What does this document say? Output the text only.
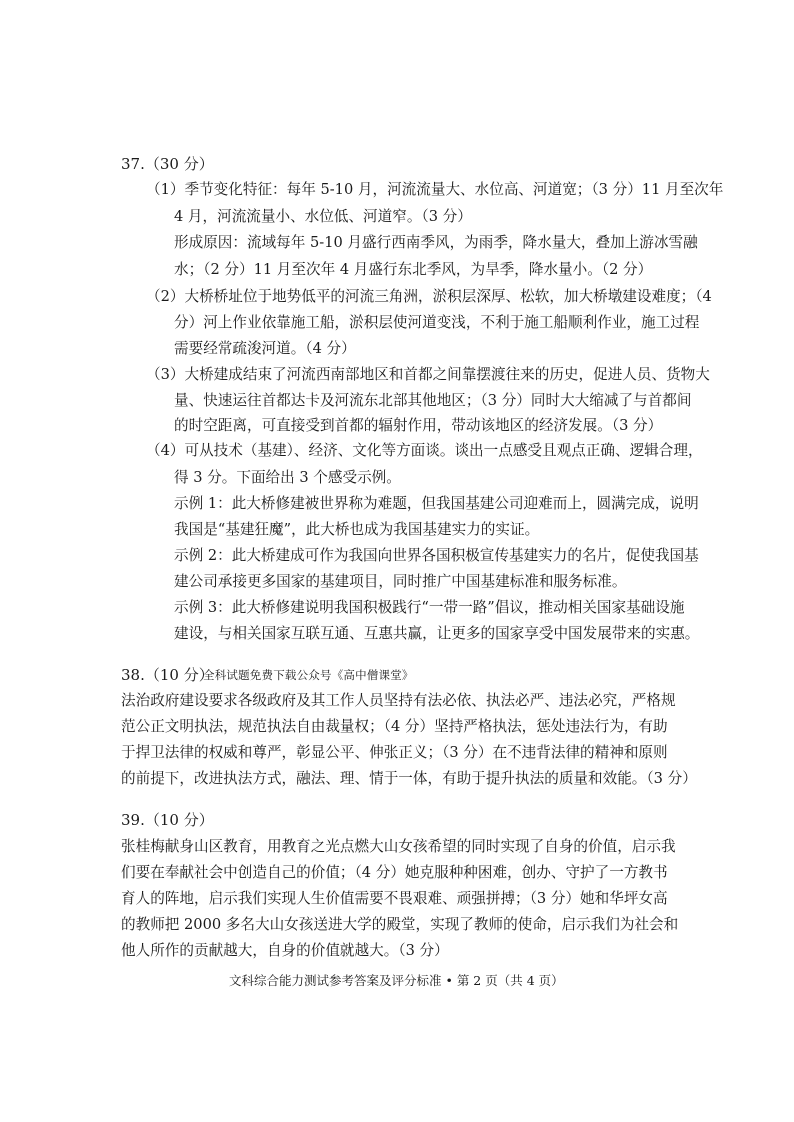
37.（30 分）
（1）季节变化特征：每年 5-10 月，河流流量大、水位高、河道宽；（3 分）11 月至次年
4 月，河流流量小、水位低、河道窄。（3 分）
形成原因：流域每年 5-10 月盛行西南季风，为雨季，降水量大，叠加上游冰雪融
水；（2 分）11 月至次年 4 月盛行东北季风，为旱季，降水量小。（2 分）
（2）大桥桥址位于地势低平的河流三角洲，淤积层深厚、松软，加大桥墩建设难度；（4
分）河上作业依靠施工船，淤积层使河道变浅，不利于施工船顺利作业，施工过程
需要经常疏浚河道。（4 分）
（3）大桥建成结束了河流西南部地区和首都之间靠摆渡往来的历史，促进人员、货物大
量、快速运往首都达卡及河流东北部其他地区；（3 分）同时大大缩减了与首都间
的时空距离，可直接受到首都的辐射作用，带动该地区的经济发展。（3 分）
（4）可从技术（基建）、经济、文化等方面谈。谈出一点感受且观点正确、逻辑合理，
得 3 分。下面给出 3 个感受示例。
示例 1：此大桥修建被世界称为难题，但我国基建公司迎难而上，圆满完成，说明
我国是“基建狂魔”，此大桥也成为我国基建实力的实证。
示例 2：此大桥建成可作为我国向世界各国积极宣传基建实力的名片，促使我国基
建公司承接更多国家的基建项目，同时推广中国基建标准和服务标准。
示例 3：此大桥修建说明我国积极践行“一带一路”倡议，推动相关国家基础设施
建设，与相关国家互联互通、互惠共赢，让更多的国家享受中国发展带来的实惠。
38.（10 分）
全科试题免费下载公众号《高中僧课堂》
法治政府建设要求各级政府及其工作人员坚持有法必依、执法必严、违法必究，严格规
范公正文明执法，规范执法自由裁量权；（4 分）坚持严格执法，惩处违法行为，有助
于捍卫法律的权威和尊严，彰显公平、伸张正义；（3 分）在不违背法律的精神和原则
的前提下，改进执法方式，融法、理、情于一体，有助于提升执法的质量和效能。（3 分）
39.（10 分）
张桂梅献身山区教育，用教育之光点燃大山女孩希望的同时实现了自身的价值，启示我
们要在奉献社会中创造自己的价值；（4 分）她克服种种困难，创办、守护了一方教书
育人的阵地，启示我们实现人生价值需要不畏艰难、顽强拼搏；（3 分）她和华坪女高
的教师把 2000 多名大山女孩送进大学的殿堂，实现了教师的使命，启示我们为社会和
他人所作的贡献越大，自身的价值就越大。（3 分）
文科综合能力测试参考答案及评分标准 • 第 2 页（共 4 页）
